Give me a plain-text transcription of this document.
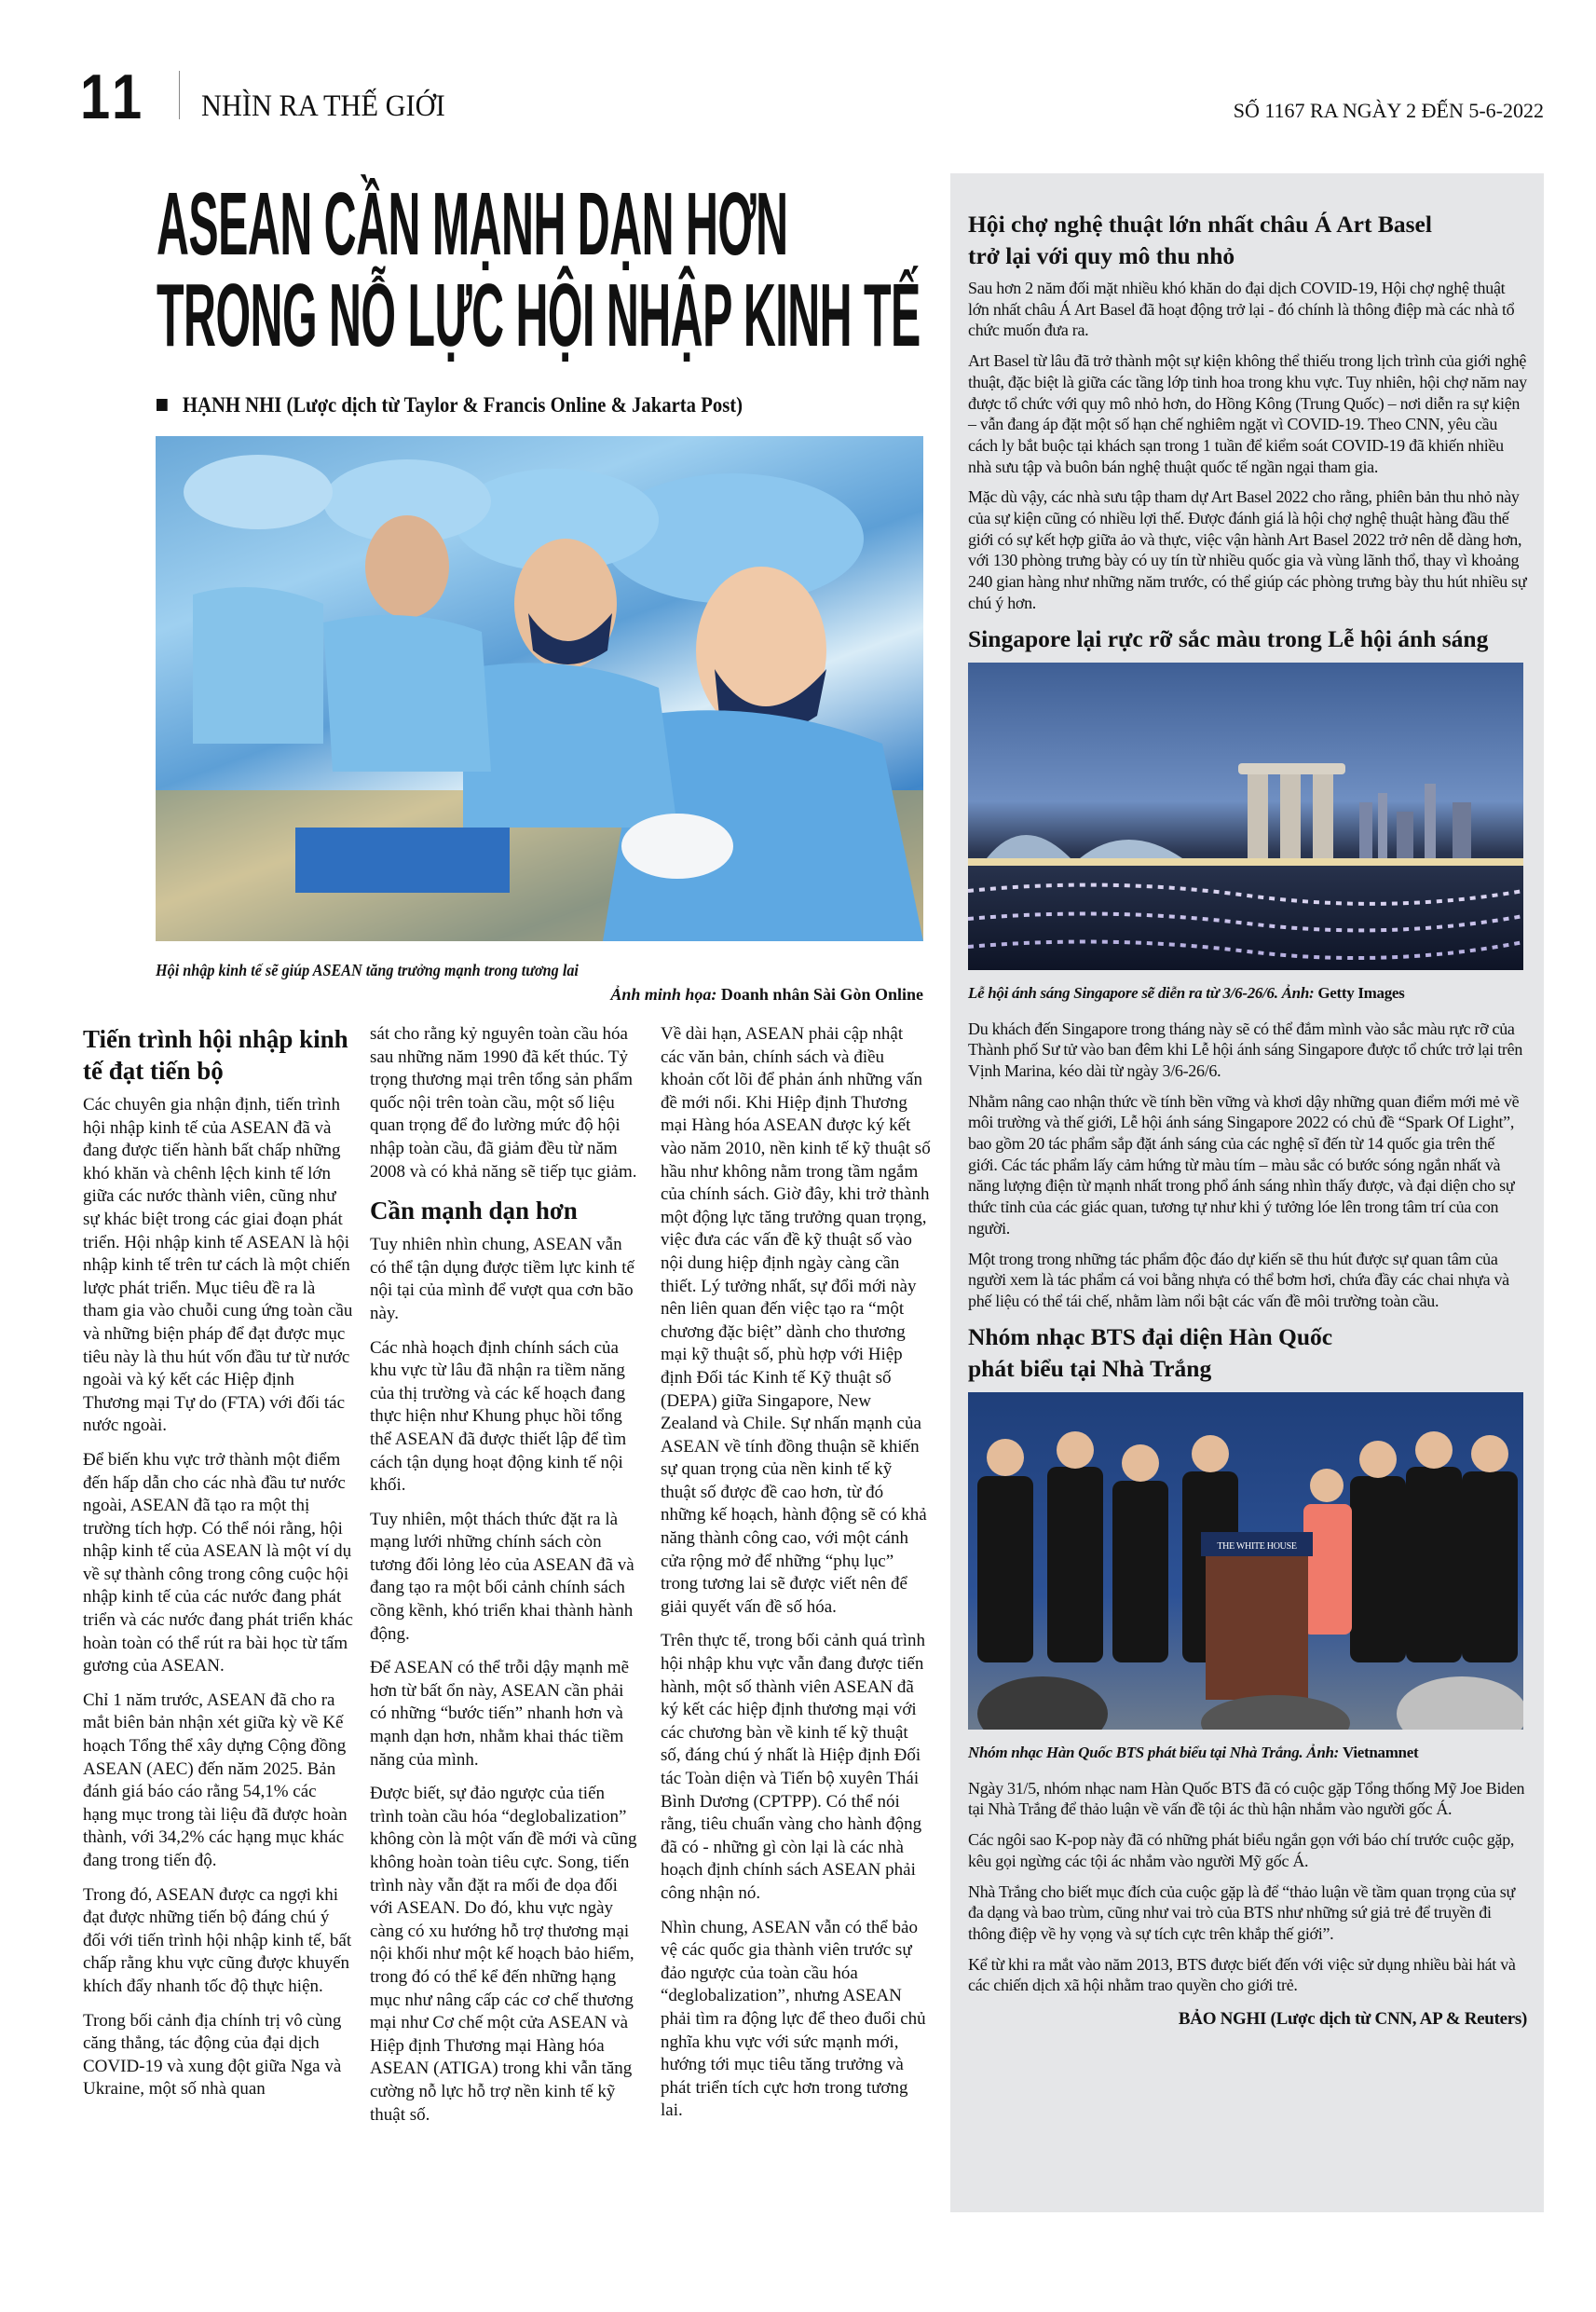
11 NHÌN RA THẾ GIỚI	SỐ 1167 RA NGÀY 2 ĐẾN 5-6-2022
ASEAN CẦN MẠNH DẠN HƠN
TRONG NỖ LỰC HỘI NHẬP KINH TẾ
HẠNH NHI (Lược dịch từ Taylor & Francis Online & Jakarta Post)
Hội nhập kinh tế sẽ giúp ASEAN tăng trưởng mạnh trong tương lai
Ảnh minh họa: Doanh nhân Sài Gòn Online
Tiến trình hội nhập kinh tế đạt tiến bộ

Các chuyên gia nhận định, tiến trình hội nhập kinh tế của ASEAN đã và đang được tiến hành bất chấp những khó khăn và chênh lệch kinh tế lớn giữa các nước thành viên, cũng như sự khác biệt trong các giai đoạn phát triển. Hội nhập kinh tế ASEAN là hội nhập kinh tế trên tư cách là một chiến lược phát triển. Mục tiêu đề ra là tham gia vào chuỗi cung ứng toàn cầu và những biện pháp để đạt được mục tiêu này là thu hút vốn đầu tư từ nước ngoài và ký kết các Hiệp định Thương mại Tự do (FTA) với đối tác nước ngoài.

Để biến khu vực trở thành một điểm đến hấp dẫn cho các nhà đầu tư nước ngoài, ASEAN đã tạo ra một thị trường tích hợp. Có thể nói rằng, hội nhập kinh tế của ASEAN là một ví dụ về sự thành công trong công cuộc hội nhập kinh tế của các nước đang phát triển và các nước đang phát triển khác hoàn toàn có thể rút ra bài học từ tấm gương của ASEAN.

Chỉ 1 năm trước, ASEAN đã cho ra mắt biên bản nhận xét giữa kỳ về Kế hoạch Tổng thể xây dựng Cộng đồng ASEAN (AEC) đến năm 2025. Bản đánh giá báo cáo rằng 54,1% các hạng mục trong tài liệu đã được hoàn thành, với 34,2% các hạng mục khác đang trong tiến độ.

Trong đó, ASEAN được ca ngợi khi đạt được những tiến bộ đáng chú ý đối với tiến trình hội nhập kinh tế, bất chấp rằng khu vực cũng được khuyến khích đẩy nhanh tốc độ thực hiện.

Trong bối cảnh địa chính trị vô cùng căng thẳng, tác động của đại dịch COVID-19 và xung đột giữa Nga và Ukraine, một số nhà quan

sát cho rằng kỷ nguyên toàn cầu hóa sau những năm 1990 đã kết thúc. Tỷ trọng thương mại trên tổng sản phẩm quốc nội trên toàn cầu, một số liệu quan trọng để đo lường mức độ hội nhập toàn cầu, đã giảm đều từ năm 2008 và có khả năng sẽ tiếp tục giảm.

Cần mạnh dạn hơn

Tuy nhiên nhìn chung, ASEAN vẫn có thể tận dụng được tiềm lực kinh tế nội tại của mình để vượt qua cơn bão này.

Các nhà hoạch định chính sách của khu vực từ lâu đã nhận ra tiềm năng của thị trường và các kế hoạch đang thực hiện như Khung phục hồi tổng thể ASEAN đã được thiết lập để tìm cách tận dụng hoạt động kinh tế nội khối.

Tuy nhiên, một thách thức đặt ra là mạng lưới những chính sách còn tương đối lỏng lẻo của ASEAN đã và đang tạo ra một bối cảnh chính sách cồng kềnh, khó triển khai thành hành động.

Để ASEAN có thể trỗi dậy mạnh mẽ hơn từ bất ổn này, ASEAN cần phải có những “bước tiến” nhanh hơn và mạnh dạn hơn, nhằm khai thác tiềm năng của mình.

Được biết, sự đảo ngược của tiến trình toàn cầu hóa “deglobalization” không còn là một vấn đề mới và cũng không hoàn toàn tiêu cực. Song, tiến trình này vẫn đặt ra mối đe dọa đối với ASEAN. Do đó, khu vực ngày càng có xu hướng hỗ trợ thương mại nội khối như một kế hoạch bảo hiểm, trong đó có thể kể đến những hạng mục như nâng cấp các cơ chế thương mại như Cơ chế một cửa ASEAN và Hiệp định Thương mại Hàng hóa ASEAN (ATIGA) trong khi vẫn tăng cường nỗ lực hỗ trợ nền kinh tế kỹ thuật số.

Về dài hạn, ASEAN phải cập nhật các văn bản, chính sách và điều khoản cốt lõi để phản ánh những vấn đề mới nổi. Khi Hiệp định Thương mại Hàng hóa ASEAN được ký kết vào năm 2010, nền kinh tế kỹ thuật số hầu như không nằm trong tầm ngắm của chính sách. Giờ đây, khi trở thành một động lực tăng trưởng quan trọng, việc đưa các vấn đề kỹ thuật số vào nội dung hiệp định ngày càng cần thiết. Lý tưởng nhất, sự đổi mới này nên liên quan đến việc tạo ra “một chương đặc biệt” dành cho thương mại kỹ thuật số, phù hợp với Hiệp định Đối tác Kinh tế Kỹ thuật số (DEPA) giữa Singapore, New Zealand và Chile. Sự nhấn mạnh của ASEAN về tính đồng thuận sẽ khiến sự quan trọng của nền kinh tế kỹ thuật số được đề cao hơn, từ đó những kế hoạch, hành động sẽ có khả năng thành công cao, với một cánh cửa rộng mở để những “phụ lục” trong tương lai sẽ được viết nên để giải quyết vấn đề số hóa.

Trên thực tế, trong bối cảnh quá trình hội nhập khu vực vẫn đang được tiến hành, một số thành viên ASEAN đã ký kết các hiệp định thương mại với các chương bàn về kinh tế kỹ thuật số, đáng chú ý nhất là Hiệp định Đối tác Toàn diện và Tiến bộ xuyên Thái Bình Dương (CPTPP). Có thể nói rằng, tiêu chuẩn vàng cho hành động đã có - những gì còn lại là các nhà hoạch định chính sách ASEAN phải công nhận nó.

Nhìn chung, ASEAN vẫn có thể bảo vệ các quốc gia thành viên trước sự đảo ngược của toàn cầu hóa “deglobalization”, nhưng ASEAN phải tìm ra động lực để theo đuổi chủ nghĩa khu vực với sức mạnh mới, hướng tới mục tiêu tăng trưởng và phát triển tích cực hơn trong tương lai.

Hội chợ nghệ thuật lớn nhất châu Á Art Basel
trở lại với quy mô thu nhỏ

Sau hơn 2 năm đối mặt nhiều khó khăn do đại dịch COVID-19, Hội chợ nghệ thuật lớn nhất châu Á Art Basel đã hoạt động trở lại - đó chính là thông điệp mà các nhà tổ chức muốn đưa ra.

Art Basel từ lâu đã trở thành một sự kiện không thể thiếu trong lịch trình của giới nghệ thuật, đặc biệt là giữa các tầng lớp tinh hoa trong khu vực. Tuy nhiên, hội chợ năm nay được tổ chức với quy mô nhỏ hơn, do Hồng Kông (Trung Quốc) – nơi diễn ra sự kiện – vẫn đang áp đặt một số hạn chế nghiêm ngặt vì COVID-19. Theo CNN, yêu cầu cách ly bắt buộc tại khách sạn trong 1 tuần để kiểm soát COVID-19 đã khiến nhiều nhà sưu tập và buôn bán nghệ thuật quốc tế ngần ngại tham gia.

Mặc dù vậy, các nhà sưu tập tham dự Art Basel 2022 cho rằng, phiên bản thu nhỏ này của sự kiện cũng có nhiều lợi thế. Được đánh giá là hội chợ nghệ thuật hàng đầu thế giới có sự kết hợp giữa ảo và thực, việc vận hành Art Basel 2022 trở nên dễ dàng hơn, với 130 phòng trưng bày có uy tín từ nhiều quốc gia và vùng lãnh thổ, thay vì khoảng 240 gian hàng như những năm trước, có thể giúp các phòng trưng bày thu hút nhiều sự chú ý hơn.

Singapore lại rực rỡ sắc màu trong Lễ hội ánh sáng
Lễ hội ánh sáng Singapore sẽ diễn ra từ 3/6-26/6. Ảnh: Getty Images

Du khách đến Singapore trong tháng này sẽ có thể đắm mình vào sắc màu rực rỡ của Thành phố Sư tử vào ban đêm khi Lễ hội ánh sáng Singapore được tổ chức trở lại trên Vịnh Marina, kéo dài từ ngày 3/6-26/6.

Nhằm nâng cao nhận thức về tính bền vững và khơi dậy những quan điểm mới mẻ về môi trường và thế giới, Lễ hội ánh sáng Singapore 2022 có chủ đề “Spark Of Light”, bao gồm 20 tác phẩm sắp đặt ánh sáng của các nghệ sĩ đến từ 14 quốc gia trên thế giới. Các tác phẩm lấy cảm hứng từ màu tím – màu sắc có bước sóng ngắn nhất và năng lượng điện từ mạnh nhất trong phổ ánh sáng nhìn thấy được, và đại diện cho sự thức tỉnh của các giác quan, tương tự như khi ý tưởng lóe lên trong tâm trí của con người.

Một trong trong những tác phẩm độc đáo dự kiến sẽ thu hút được sự quan tâm của người xem là tác phẩm cá voi bằng nhựa có thể bơm hơi, chứa đầy các chai nhựa và phế liệu có thể tái chế, nhằm làm nổi bật các vấn đề môi trường toàn cầu.

Nhóm nhạc BTS đại diện Hàn Quốc
phát biểu tại Nhà Trắng
THE WHITE HOUSE
Nhóm nhạc Hàn Quốc BTS phát biểu tại Nhà Trắng. Ảnh: Vietnamnet

Ngày 31/5, nhóm nhạc nam Hàn Quốc BTS đã có cuộc gặp Tổng thống Mỹ Joe Biden tại Nhà Trắng để thảo luận về vấn đề tội ác thù hận nhắm vào người gốc Á.

Các ngôi sao K-pop này đã có những phát biểu ngắn gọn với báo chí trước cuộc gặp, kêu gọi ngừng các tội ác nhắm vào người Mỹ gốc Á.

Nhà Trắng cho biết mục đích của cuộc gặp là để “thảo luận về tầm quan trọng của sự đa dạng và bao trùm, cũng như vai trò của BTS như những sứ giả trẻ để truyền đi thông điệp về hy vọng và sự tích cực trên khắp thế giới”.

Kể từ khi ra mắt vào năm 2013, BTS được biết đến với việc sử dụng nhiều bài hát và các chiến dịch xã hội nhằm trao quyền cho giới trẻ.

BẢO NGHI (Lược dịch từ CNN, AP & Reuters)
